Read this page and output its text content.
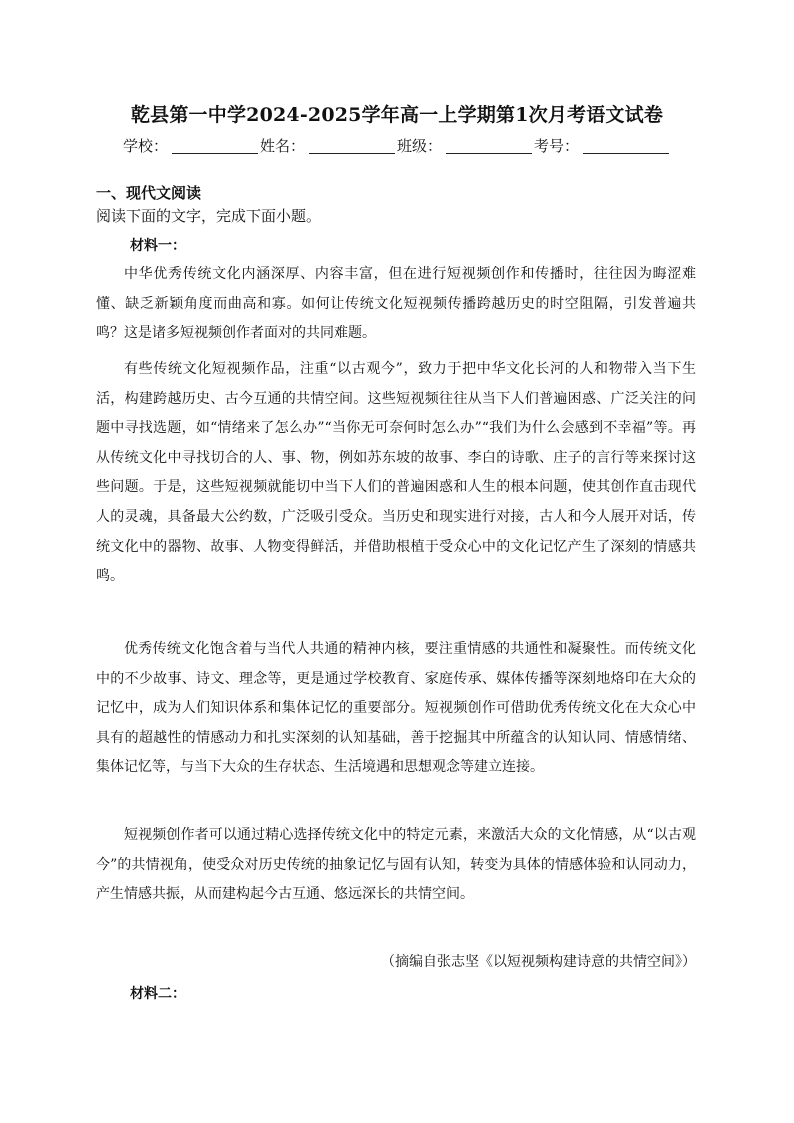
乾县第一中学2024-2025学年高一上学期第1次月考语文试卷
学校：	姓名：	班级：	考号：
一、现代文阅读
阅读下面的文字，完成下面小题。
材料一：

中华优秀传统文化内涵深厚、内容丰富，但在进行短视频创作和传播时，往往因为晦涩难懂、缺乏新颖角度而曲高和寡。如何让传统文化短视频传播跨越历史的时空阻隔，引发普遍共鸣？这是诸多短视频创作者面对的共同难题。

有些传统文化短视频作品，注重“以古观今”，致力于把中华文化长河的人和物带入当下生活，构建跨越历史、古今互通的共情空间。这些短视频往往从当下人们普遍困惑、广泛关注的问题中寻找选题，如“情绪来了怎么办”“当你无可奈何时怎么办”“我们为什么会感到不幸福”等。再从传统文化中寻找切合的人、事、物，例如苏东坡的故事、李白的诗歌、庄子的言行等来探讨这些问题。于是，这些短视频就能切中当下人们的普遍困惑和人生的根本问题，使其创作直击现代人的灵魂，具备最大公约数，广泛吸引受众。当历史和现实进行对接，古人和今人展开对话，传统文化中的器物、故事、人物变得鲜活，并借助根植于受众心中的文化记忆产生了深刻的情感共鸣。

优秀传统文化饱含着与当代人共通的精神内核，要注重情感的共通性和凝聚性。而传统文化中的不少故事、诗文、理念等，更是通过学校教育、家庭传承、媒体传播等深刻地烙印在大众的记忆中，成为人们知识体系和集体记忆的重要部分。短视频创作可借助优秀传统文化在大众心中具有的超越性的情感动力和扎实深刻的认知基础，善于挖掘其中所蕴含的认知认同、情感情绪、集体记忆等，与当下大众的生存状态、生活境遇和思想观念等建立连接。

短视频创作者可以通过精心选择传统文化中的特定元素，来激活大众的文化情感，从“以古观今”的共情视角，使受众对历史传统的抽象记忆与固有认知，转变为具体的情感体验和认同动力，产生情感共振，从而建构起今古互通、悠远深长的共情空间。

（摘编自张志坚《以短视频构建诗意的共情空间》）
材料二：
